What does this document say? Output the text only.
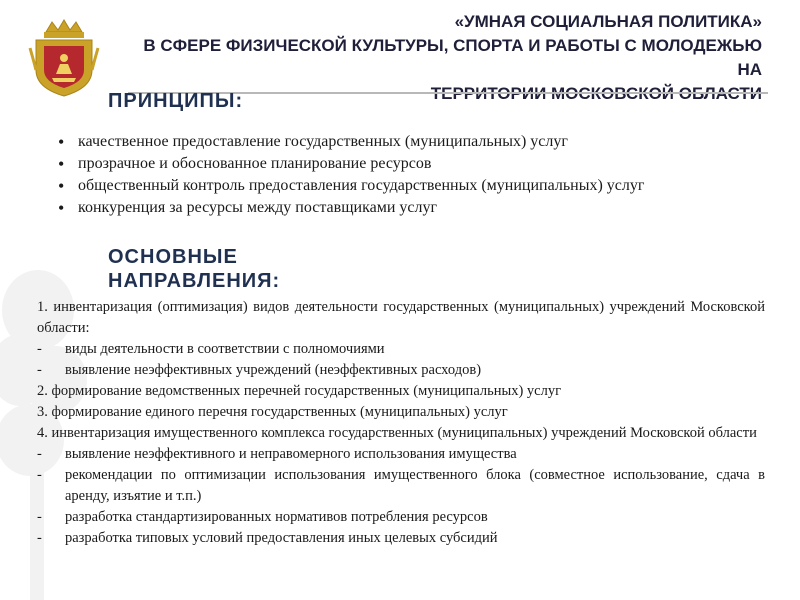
«УМНАЯ СОЦИАЛЬНАЯ ПОЛИТИКА»
В СФЕРЕ ФИЗИЧЕСКОЙ КУЛЬТУРЫ, СПОРТА И РАБОТЫ С МОЛОДЕЖЬЮ НА
ПРИНЦИПЫ:
• качественное предоставление государственных (муниципальных) услуг
• прозрачное и обоснованное планирование ресурсов
• общественный контроль предоставления государственных (муниципальных) услуг
• конкуренция за ресурсы между поставщиками услуг
ОСНОВНЫЕ НАПРАВЛЕНИЯ:

1. инвентаризация (оптимизация) видов деятельности государственных (муниципальных) учреждений Московской области:

- виды деятельности в соответствии с полномочиями

- выявление неэффективных учреждений (неэффективных расходов)

2. формирование ведомственных перечней государственных (муниципальных) услуг

3. формирование единого перечня государственных (муниципальных) услуг

4. инвентаризация имущественного комплекса государственных (муниципальных) учреждений Московской области

- выявление неэффективного и неправомерного использования имущества

- рекомендации по оптимизации использования имущественного блока (совместное использование, сдача в аренду, изъятие и т.п.)

- разработка стандартизированных нормативов потребления ресурсов

- разработка типовых условий предоставления иных целевых субсидий
